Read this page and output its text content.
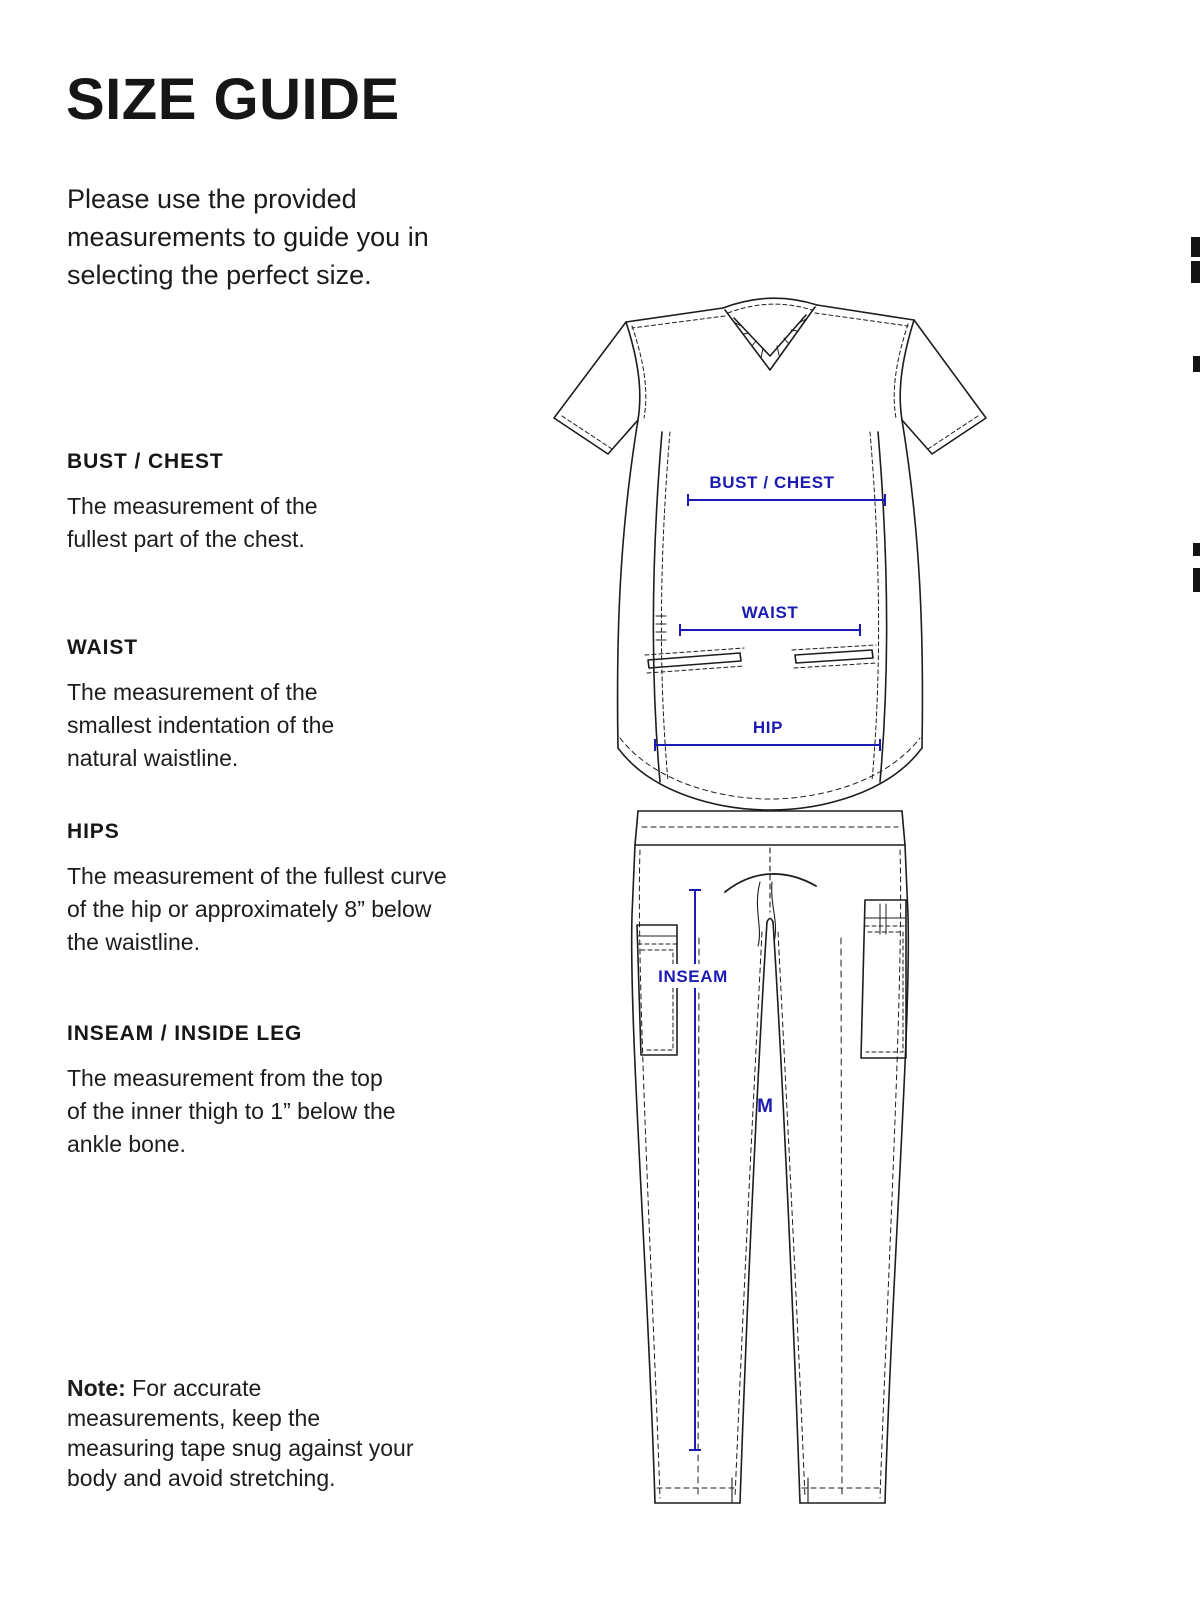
SIZE GUIDE
Please use the provided measurements to guide you in selecting the perfect size.
BUST / CHEST
The measurement of the fullest part of the chest.
WAIST
The measurement of the smallest indentation of the natural waistline.
HIPS
The measurement of the fullest curve of the hip or approximately 8” below the waistline.
INSEAM / INSIDE LEG
The measurement from the top of the inner thigh to 1” below the ankle bone.
Note: For accurate measurements, keep the measuring tape snug against your body and avoid stretching.
BUST / CHEST
WAIST
HIP
INSEAM
M
